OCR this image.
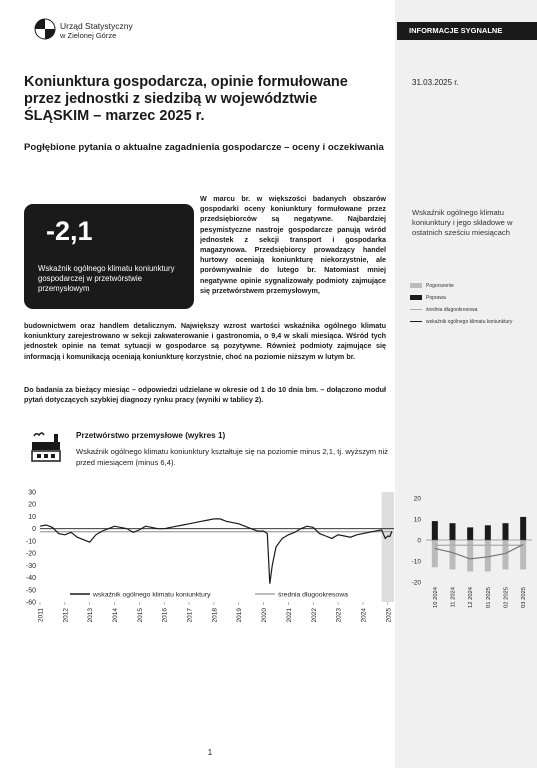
Urząd Statystyczny
w Zielonej Górze
INFORMACJE SYGNALNE
31.03.2025 r.
Koniunktura gospodarcza, opinie formułowane przez jednostki z siedzibą w województwie ŚLĄSKIM – marzec 2025 r.
Pogłębione pytania o aktualne zagadnienia gospodarcze – oceny i oczekiwania
-2,1
Wskaźnik ogólnego klimatu koniunktury gospodarczej w przetwórstwie przemysłowym
W marcu br. w większości badanych obszarów gospodarki oceny koniunktury formułowane przez przedsiębiorców są negatywne. Najbardziej pesymistyczne nastroje gospodarcze panują wśród jednostek z sekcji transport i gospodarka magazynowa. Przedsiębiorcy prowadzący handel hurtowy oceniają koniunkturę niekorzystnie, ale porównywalnie do lutego br. Natomiast mniej negatywne opinie sygnalizowały podmioty zajmujące się przetwórstwem przemysłowym,
budownictwem oraz handlem detalicznym. Największy wzrost wartości wskaźnika ogólnego klimatu koniunktury zarejestrowano w sekcji zakwaterowanie i gastronomia, o 9,4 w skali miesiąca. Wśród tych jednostek opinie na temat sytuacji w gospodarce są pozytywne. Również podmioty zajmujące się informacją i komunikacją oceniają koniunkturę korzystnie, choć na poziomie niższym w lutym br.
Do badania za bieżący miesiąc – odpowiedzi udzielane w okresie od 1 do 10 dnia bm. – dołączono moduł pytań dotyczących szybkiej diagnozy rynku pracy (wyniki w tablicy 2).
Wskaźnik ogólnego klimatu koniunktury i jego składowe w ostatnich sześciu miesiącach
Pogorszenie
Poprawa
średnia długookresowa
wskaźnik ogólnego klimatu koniunktury
Przetwórstwo przemysłowe (wykres 1)
Wskaźnik ogólnego klimatu koniunktury kształtuje się na poziomie minus 2,1, tj. wyższym niż przed miesiącem (minus 6,4).
30
20
10
0
-10
-20
-30
-40
-50
-60
2011	2012	2013	2014	2015	2016	2017	2018	2019	2020	2021	2022	2023	2024	2025
wskaźnik ogólnego klimatu koniunktury	średnia długookresowa
20
10
0
-10
-20
10 2024 11 2024 12 2024 01 2025 02 2025 03 2025
1
